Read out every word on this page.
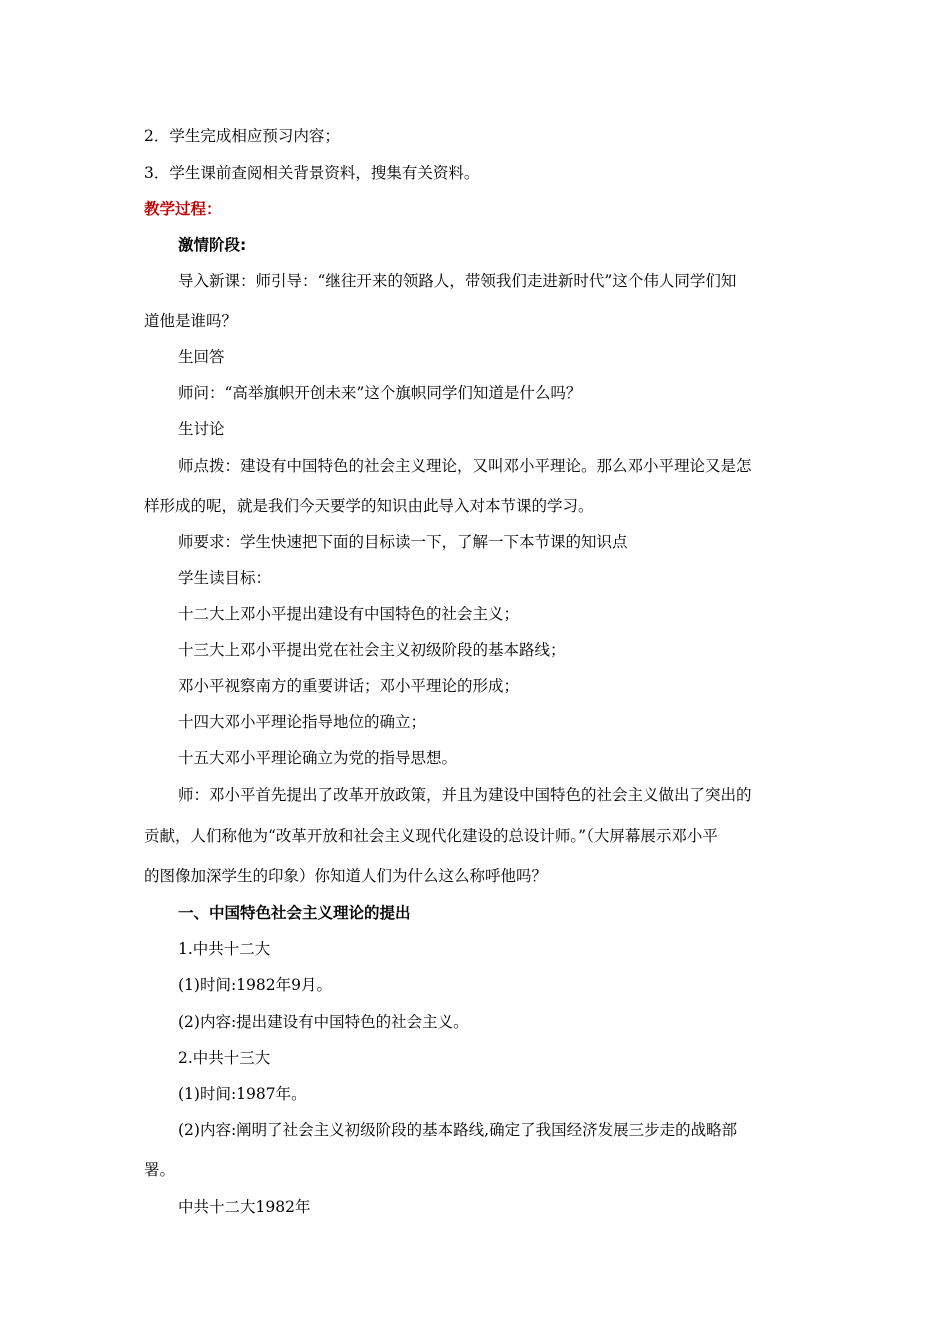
2．学生完成相应预习内容；
3．学生课前查阅相关背景资料，搜集有关资料。
教学过程：
激情阶段:
导入新课：师引导：“继往开来的领路人，带领我们走进新时代”这个伟人同学们知
道他是谁吗？
生回答
师问：“高举旗帜开创未来”这个旗帜同学们知道是什么吗？
生讨论
师点拨：建设有中国特色的社会主义理论，又叫邓小平理论。那么邓小平理论又是怎
样形成的呢，就是我们今天要学的知识由此导入对本节课的学习。
师要求：学生快速把下面的目标读一下，了解一下本节课的知识点
学生读目标：
十二大上邓小平提出建设有中国特色的社会主义；
十三大上邓小平提出党在社会主义初级阶段的基本路线；
邓小平视察南方的重要讲话；邓小平理论的形成；
十四大邓小平理论指导地位的确立；
十五大邓小平理论确立为党的指导思想。
师：邓小平首先提出了改革开放政策，并且为建设中国特色的社会主义做出了突出的
贡献，人们称他为“改革开放和社会主义现代化建设的总设计师。”（大屏幕展示邓小平
的图像加深学生的印象）你知道人们为什么这么称呼他吗？
一、中国特色社会主义理论的提出
1.中共十二大
(1)时间:1982年9月。
(2)内容:提出建设有中国特色的社会主义。
2.中共十三大
(1)时间:1987年。
(2)内容:阐明了社会主义初级阶段的基本路线,确定了我国经济发展三步走的战略部
署。
中共十二大1982年
